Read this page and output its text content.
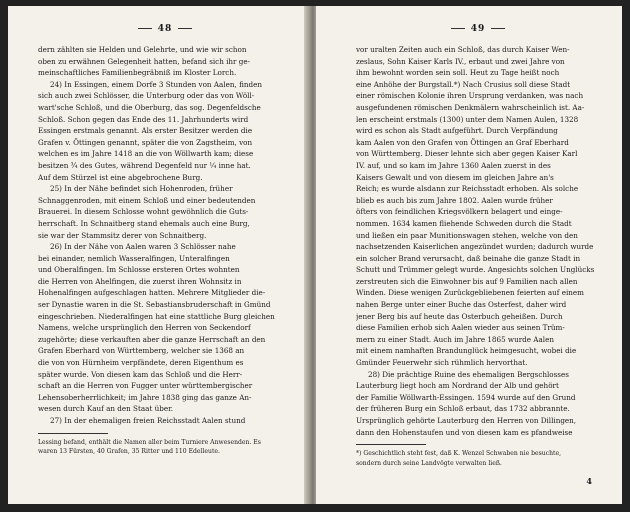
48
dern zählten sie Helden und Gelehrte, und wie wir schon
oben zu erwähnen Gelegenheit hatten, befand sich ihr ge-
meinschaftliches Familienbegräbniß im Kloster Lorch.
24) In Essingen, einem Dorfe 3 Stunden von Aalen, finden
sich auch zwei Schlösser, die Unterburg oder das von Wöll-
wart'sche Schloß, und die Oberburg, das sog. Degenfeldsche
Schloß. Schon gegen das Ende des 11. Jahrhunderts wird
Essingen erstmals genannt. Als erster Besitzer werden die
Grafen v. Öttingen genannt, später die von Zagstheim, von
welchen es im Jahre 1418 an die von Wöllwarth kam; diese
besitzen ¾ des Gutes, während Degenfeld nur ¼ inne hat.
Auf dem Stürzel ist eine abgebrochene Burg.
25) In der Nähe befindet sich Hohenroden, früher
Schnaggenroden, mit einem Schloß und einer bedeutenden
Brauerei. In diesem Schlosse wohnt gewöhnlich die Guts-
herrschaft. In Schnaitberg stand ehemals auch eine Burg,
sie war der Stammsitz derer von Schnaitberg.
26) In der Nähe von Aalen waren 3 Schlösser nahe
bei einander, nemlich Wasseralfingen, Unteralfingen
und Oberalfingen. Im Schlosse ersteren Ortes wohnten
die Herren von Ahelfingen, die zuerst ihren Wohnsitz in
Hohenalfingen aufgeschlagen hatten. Mehrere Mitglieder die-
ser Dynastie waren in die St. Sebastiansbruderschaft in Gmünd
eingeschrieben. Niederalfingen hat eine stattliche Burg gleichen
Namens, welche ursprünglich den Herren von Seckendorf
zugehörte; diese verkauften aber die ganze Herrschaft an den
Grafen Eberhard von Württemberg, welcher sie 1368 an
die von von Hürnheim verpfändete, deren Eigenthum es
später wurde. Von diesen kam das Schloß und die Herr-
schaft an die Herren von Fugger unter württembergischer
Lehensoberherrlichkeit; im Jahre 1838 ging das ganze An-
wesen durch Kauf an den Staat über.
27) In der ehemaligen freien Reichsstadt Aalen stund
Lessing befand, enthält die Namen aller beim Turniere Anwesenden. Es
waren 13 Fürsten, 40 Grafen, 35 Ritter und 110 Edelleute.
49
vor uralten Zeiten auch ein Schloß, das durch Kaiser Wen-
zeslaus, Sohn Kaiser Karls IV., erbaut und zwei Jahre von
ihm bewohnt worden sein soll. Heut zu Tage heißt noch
eine Anhöhe der Burgstall.*) Nach Crusius soll diese Stadt
einer römischen Kolonie ihren Ursprung verdanken, was nach
ausgefundenen römischen Denkmälern wahrscheinlich ist. Aa-
len erscheint erstmals (1300) unter dem Namen Aulen, 1328
wird es schon als Stadt aufgeführt. Durch Verpfändung
kam Aalen von den Grafen von Öttingen an Graf Eberhard
von Württemberg. Dieser lehnte sich aber gegen Kaiser Karl
IV. auf, und so kam im Jahre 1360 Aalen zuerst in des
Kaisers Gewalt und von diesem im gleichen Jahre an's
Reich; es wurde alsdann zur Reichsstadt erhoben. Als solche
blieb es auch bis zum Jahre 1802. Aalen wurde früher
öfters von feindlichen Kriegsvölkern belagert und einge-
nommen. 1634 kamen fliehende Schweden durch die Stadt
und ließen ein paar Munitionswagen stehen, welche von den
nachsetzenden Kaiserlichen angezündet wurden; dadurch wurde
ein solcher Brand verursacht, daß beinahe die ganze Stadt in
Schutt und Trümmer gelegt wurde. Angesichts solchen Unglücks
zerstreuten sich die Einwohner bis auf 9 Familien nach allen
Winden. Diese wenigen Zurückgebliebenen feierten auf einem
nahen Berge unter einer Buche das Osterfest, daher wird
jener Berg bis auf heute das Osterbuch geheißen. Durch
diese Familien erhob sich Aalen wieder aus seinen Trüm-
mern zu einer Stadt. Auch im Jahre 1865 wurde Aalen
mit einem namhaften Brandunglück heimgesucht, wobei die
Gmünder Feuerwehr sich rühmlich hervorthat.
28) Die prächtige Ruine des ehemaligen Bergschlosses
Lauterburg liegt hoch am Nordrand der Alb und gehört
der Familie Wöllwarth-Essingen. 1594 wurde auf den Grund
der früheren Burg ein Schloß erbaut, das 1732 abbrannte.
Ursprünglich gehörte Lauterburg den Herren von Dillingen,
dann den Hohenstaufen und von diesen kam es pfandweise
*) Geschichtlich steht fest, daß K. Wenzel Schwaben nie besuchte,
sondern durch seine Landvögte verwalten ließ.
4
